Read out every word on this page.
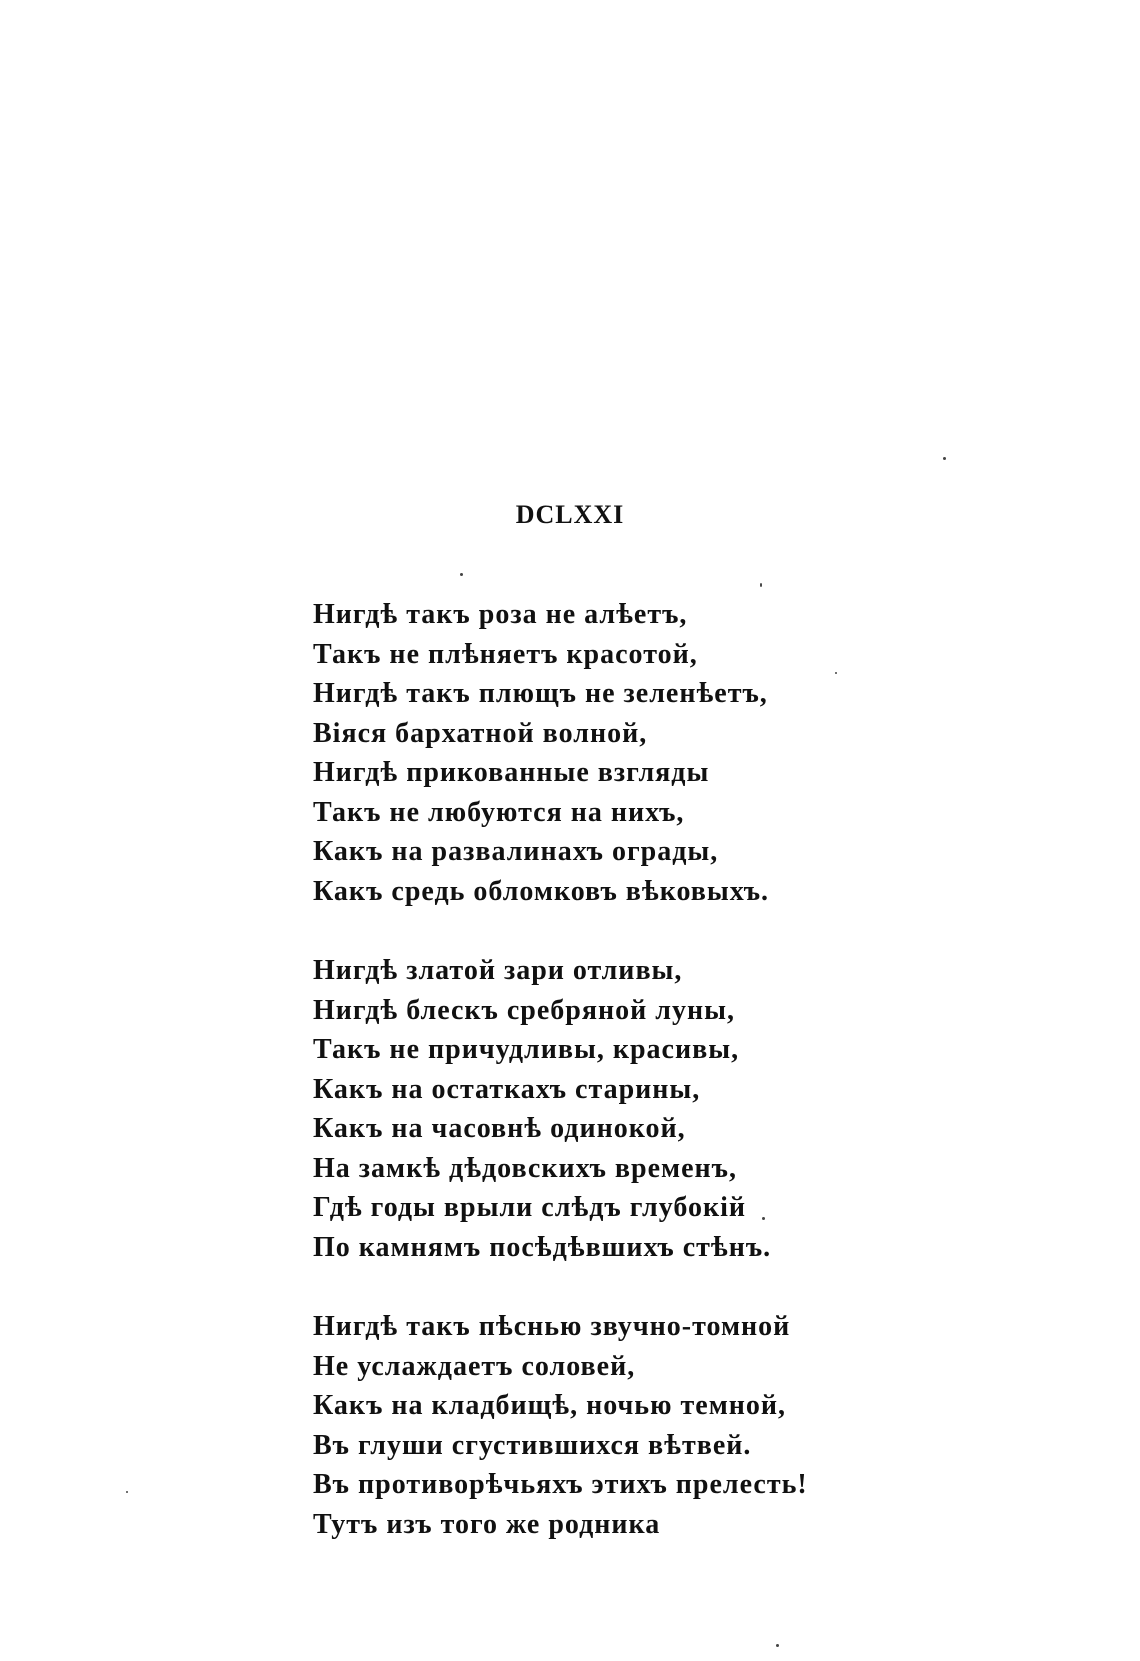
DCLXXI
Нигдѣ такъ роза не алѣетъ,
Такъ не плѣняетъ красотой,
Нигдѣ такъ плющъ не зеленѣетъ,
Віяся бархатной волной,
Нигдѣ прикованные взгляды
Такъ не любуются на нихъ,
Какъ на развалинахъ ограды,
Какъ средь обломковъ вѣковыхъ.
Нигдѣ златой зари отливы,
Нигдѣ блескъ сребряной луны,
Такъ не причудливы, красивы,
Какъ на остаткахъ старины,
Какъ на часовнѣ одинокой,
На замкѣ дѣдовскихъ временъ,
Гдѣ годы врыли слѣдъ глубокій
По камнямъ посѣдѣвшихъ стѣнъ.
Нигдѣ такъ пѣснью звучно-томной
Не услаждаетъ соловей,
Какъ на кладбищѣ, ночью темной,
Въ глуши сгустившихся вѣтвей.
Въ противорѣчьяхъ этихъ прелесть!
Тутъ изъ того же родника
